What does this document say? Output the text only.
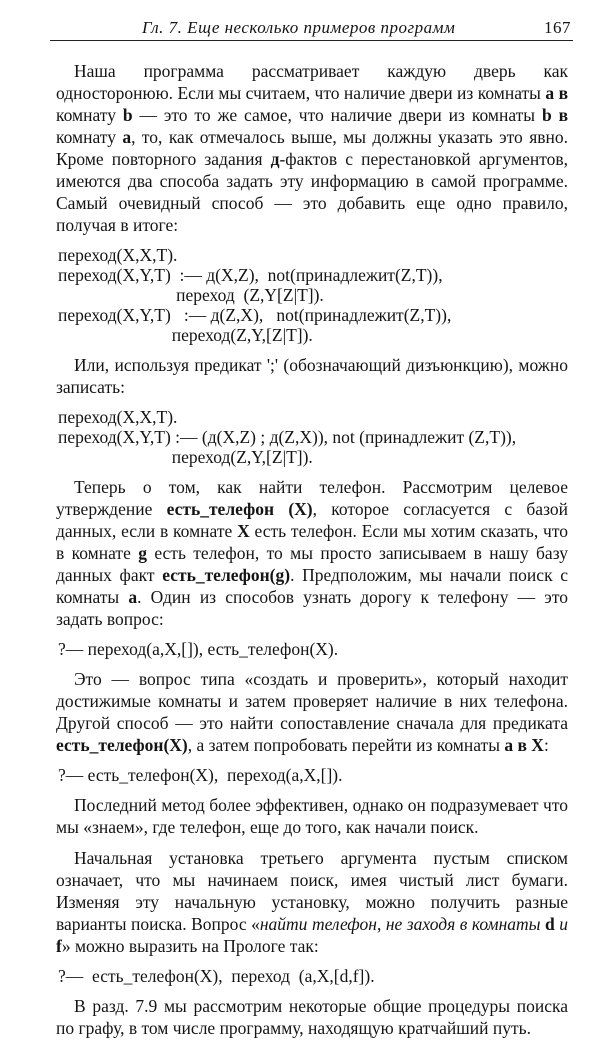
Гл. 7. Еще несколько примеров программ	167

Наша программа рассматривает каждую дверь как односторонюю. Если мы считаем, что наличие двери из комнаты a в комнату b — это то же самое, что наличие двери из комнаты b в комнату a, то, как отмечалось выше, мы должны указать это явно. Кроме повторного задания д-фактов с перестановкой аргументов, имеются два способа задать эту информацию в самой программе. Самый очевидный способ — это добавить еще одно правило, получая в итоге:

переход(X,X,T).
переход(X,Y,T)  :— д(X,Z),  not(принадлежит(Z,T)),
переход  (Z,Y[Z|T]).
переход(X,Y,T)   :— д(Z,X),   not(принадлежит(Z,T)),
переход(Z,Y,[Z|T]).

Или, используя предикат ';' (обозначающий дизъюнкцию), можно записать:

переход(X,X,T).
переход(X,Y,T) :— (д(X,Z) ; д(Z,X)), not (принадлежит (Z,T)),
переход(Z,Y,[Z|T]).

Теперь о том, как найти телефон. Рассмотрим целевое утверждение есть_телефон (X), которое согласуется с базой данных, если в комнате X есть телефон. Если мы хотим сказать, что в комнате g есть телефон, то мы просто записываем в нашу базу данных факт есть_телефон(g). Предположим, мы начали поиск с комнаты a. Один из способов узнать дорогу к телефону — это задать вопрос:

?— переход(a,X,[]), есть_телефон(X).

Это — вопрос типа «создать и проверить», который находит достижимые комнаты и затем проверяет наличие в них телефона. Другой способ — это найти сопоставление сначала для предиката есть_телефон(X), а затем попробовать перейти из комнаты a в X:

?— есть_телефон(X),  переход(a,X,[]).

Последний метод более эффективен, однако он подразумевает что мы «знаем», где телефон, еще до того, как начали поиск.

Начальная установка третьего аргумента пустым списком означает, что мы начинаем поиск, имея чистый лист бумаги. Изменяя эту начальную установку, можно получить разные варианты поиска. Вопрос «найти телефон, не заходя в комнаты d и f» можно выразить на Прологе так:

?—  есть_телефон(X),  переход  (a,X,[d,f]).

В разд. 7.9 мы рассмотрим некоторые общие процедуры поиска по графу, в том числе программу, находящую кратчайший путь.
